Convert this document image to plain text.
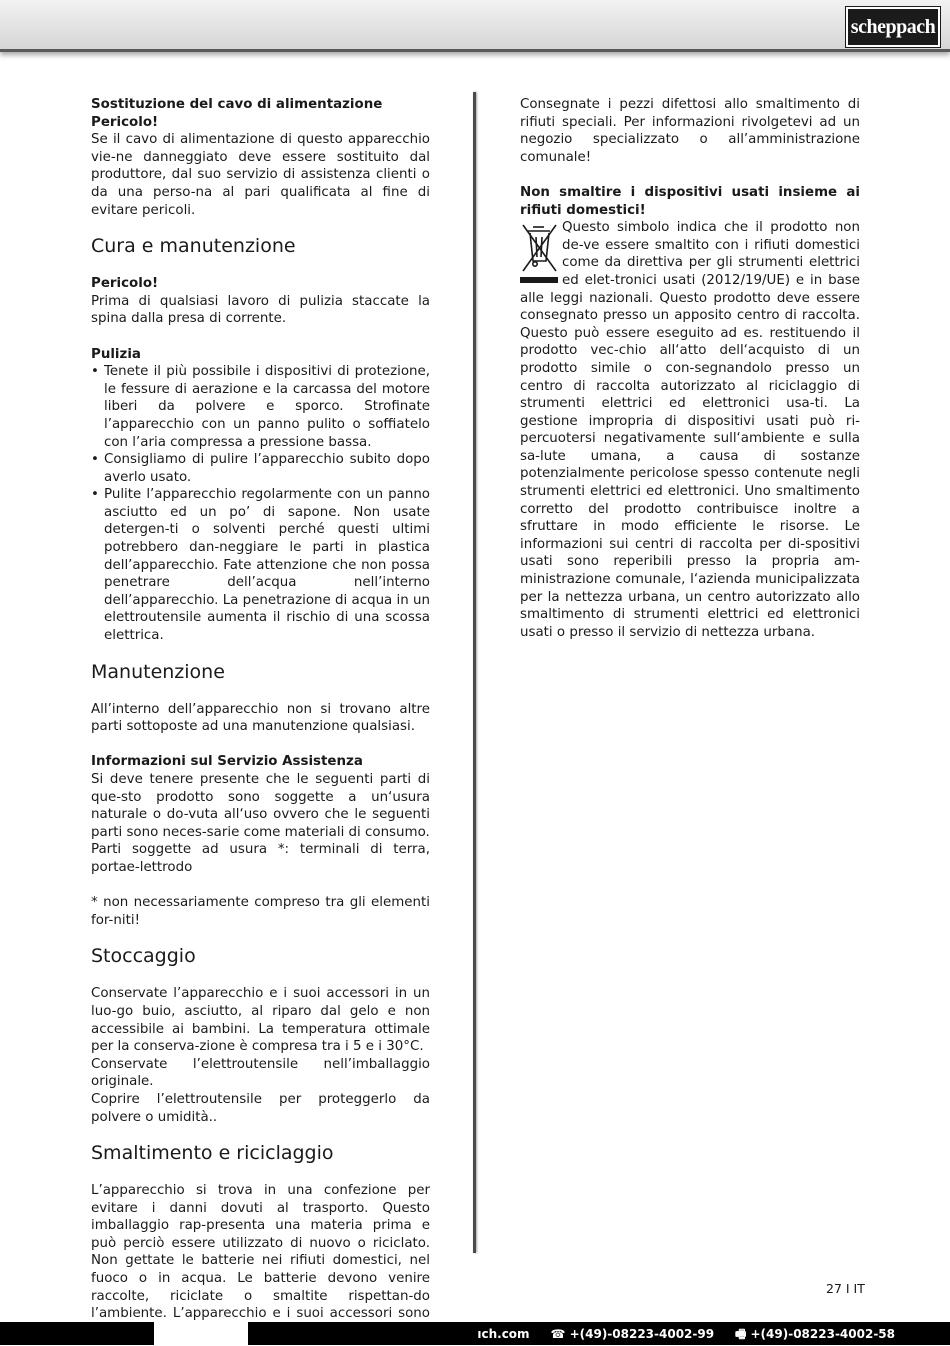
scheppach

Sostituzione del cavo di alimentazione

Pericolo!

Se il cavo di alimentazione di questo apparecchio vie-ne danneggiato deve essere sostituito dal produttore, dal suo servizio di assistenza clienti o da una perso-na al pari qualificata al fine di evitare pericoli.

Cura e manutenzione

Pericolo!

Prima di qualsiasi lavoro di pulizia staccate la spina dalla presa di corrente.

Pulizia

• Tenete il più possibile i dispositivi di protezione, le fessure di aerazione e la carcassa del motore liberi da polvere e sporco. Strofinate l’apparecchio con un panno pulito o soffiatelo con l’aria compressa a pressione bassa.
• Consigliamo di pulire l’apparecchio subito dopo averlo usato.
• Pulite l’apparecchio regolarmente con un panno asciutto ed un po’ di sapone. Non usate detergen-ti o solventi perché questi ultimi potrebbero dan-neggiare le parti in plastica dell’apparecchio. Fate attenzione che non possa penetrare dell’acqua nell’interno dell’apparecchio. La penetrazione di acqua in un elettroutensile aumenta il rischio di una scossa elettrica.
Manutenzione

All’interno dell’apparecchio non si trovano altre parti sottoposte ad una manutenzione qualsiasi.

Informazioni sul Servizio Assistenza

Si deve tenere presente che le seguenti parti di que-sto prodotto sono soggette a un‘usura naturale o do-vuta all‘uso ovvero che le seguenti parti sono neces-sarie come materiali di consumo.

Parti soggette ad usura *: terminali di terra, portae-lettrodo

* non necessariamente compreso tra gli elementi for-niti!

Stoccaggio

Conservate l’apparecchio e i suoi accessori in un luo-go buio, asciutto, al riparo dal gelo e non accessibile ai bambini. La temperatura ottimale per la conserva-zione è compresa tra i 5 e i 30°C.

Conservate l’elettroutensile nell’imballaggio originale.

Coprire l’elettroutensile per proteggerlo da polvere o umidità..

Smaltimento e riciclaggio

L’apparecchio si trova in una confezione per evitare i danni dovuti al trasporto. Questo imballaggio rap-presenta una materia prima e può perciò essere utilizzato di nuovo o riciclato. Non gettate le batterie nei rifiuti domestici, nel fuoco o in acqua. Le batterie devono venire raccolte, riciclate o smaltite rispettan-do l’ambiente. L’apparecchio e i suoi accessori sono

Consegnate i pezzi difettosi allo smaltimento di rifiuti speciali. Per informazioni rivolgetevi ad un negozio specializzato o all’amministrazione comunale!

Non smaltire i dispositivi usati insieme ai rifiuti domestici!

Questo simbolo indica che il prodotto non de-ve essere smaltito con i rifiuti domestici come da direttiva per gli strumenti elettrici ed elet-tronici usati (2012/19/UE) e in base alle leggi nazionali. Questo prodotto deve essere consegnato presso un apposito centro di raccolta. Questo può essere eseguito ad es. restituendo il prodotto vec-chio all‘atto dell‘acquisto di un prodotto simile o con-segnandolo presso un centro di raccolta autorizzato al riciclaggio di strumenti elettrici ed elettronici usa-ti. La gestione impropria di dispositivi usati può ri-percuotersi negativamente sull‘ambiente e sulla sa-lute umana, a causa di sostanze potenzialmente pericolose spesso contenute negli strumenti elettrici ed elettronici. Uno smaltimento corretto del prodotto contribuisce inoltre a sfruttare in modo efficiente le risorse. Le informazioni sui centri di raccolta per di-spositivi usati sono reperibili presso la propria am-ministrazione comunale, l‘azienda municipalizzata per la nettezza urbana, un centro autorizzato allo smaltimento di strumenti elettrici ed elettronici usati o presso il servizio di nettezza urbana.

27 I IT
ıch.com ☎ +(49)-08223-4002-99 🖷 +(49)-08223-4002-58
